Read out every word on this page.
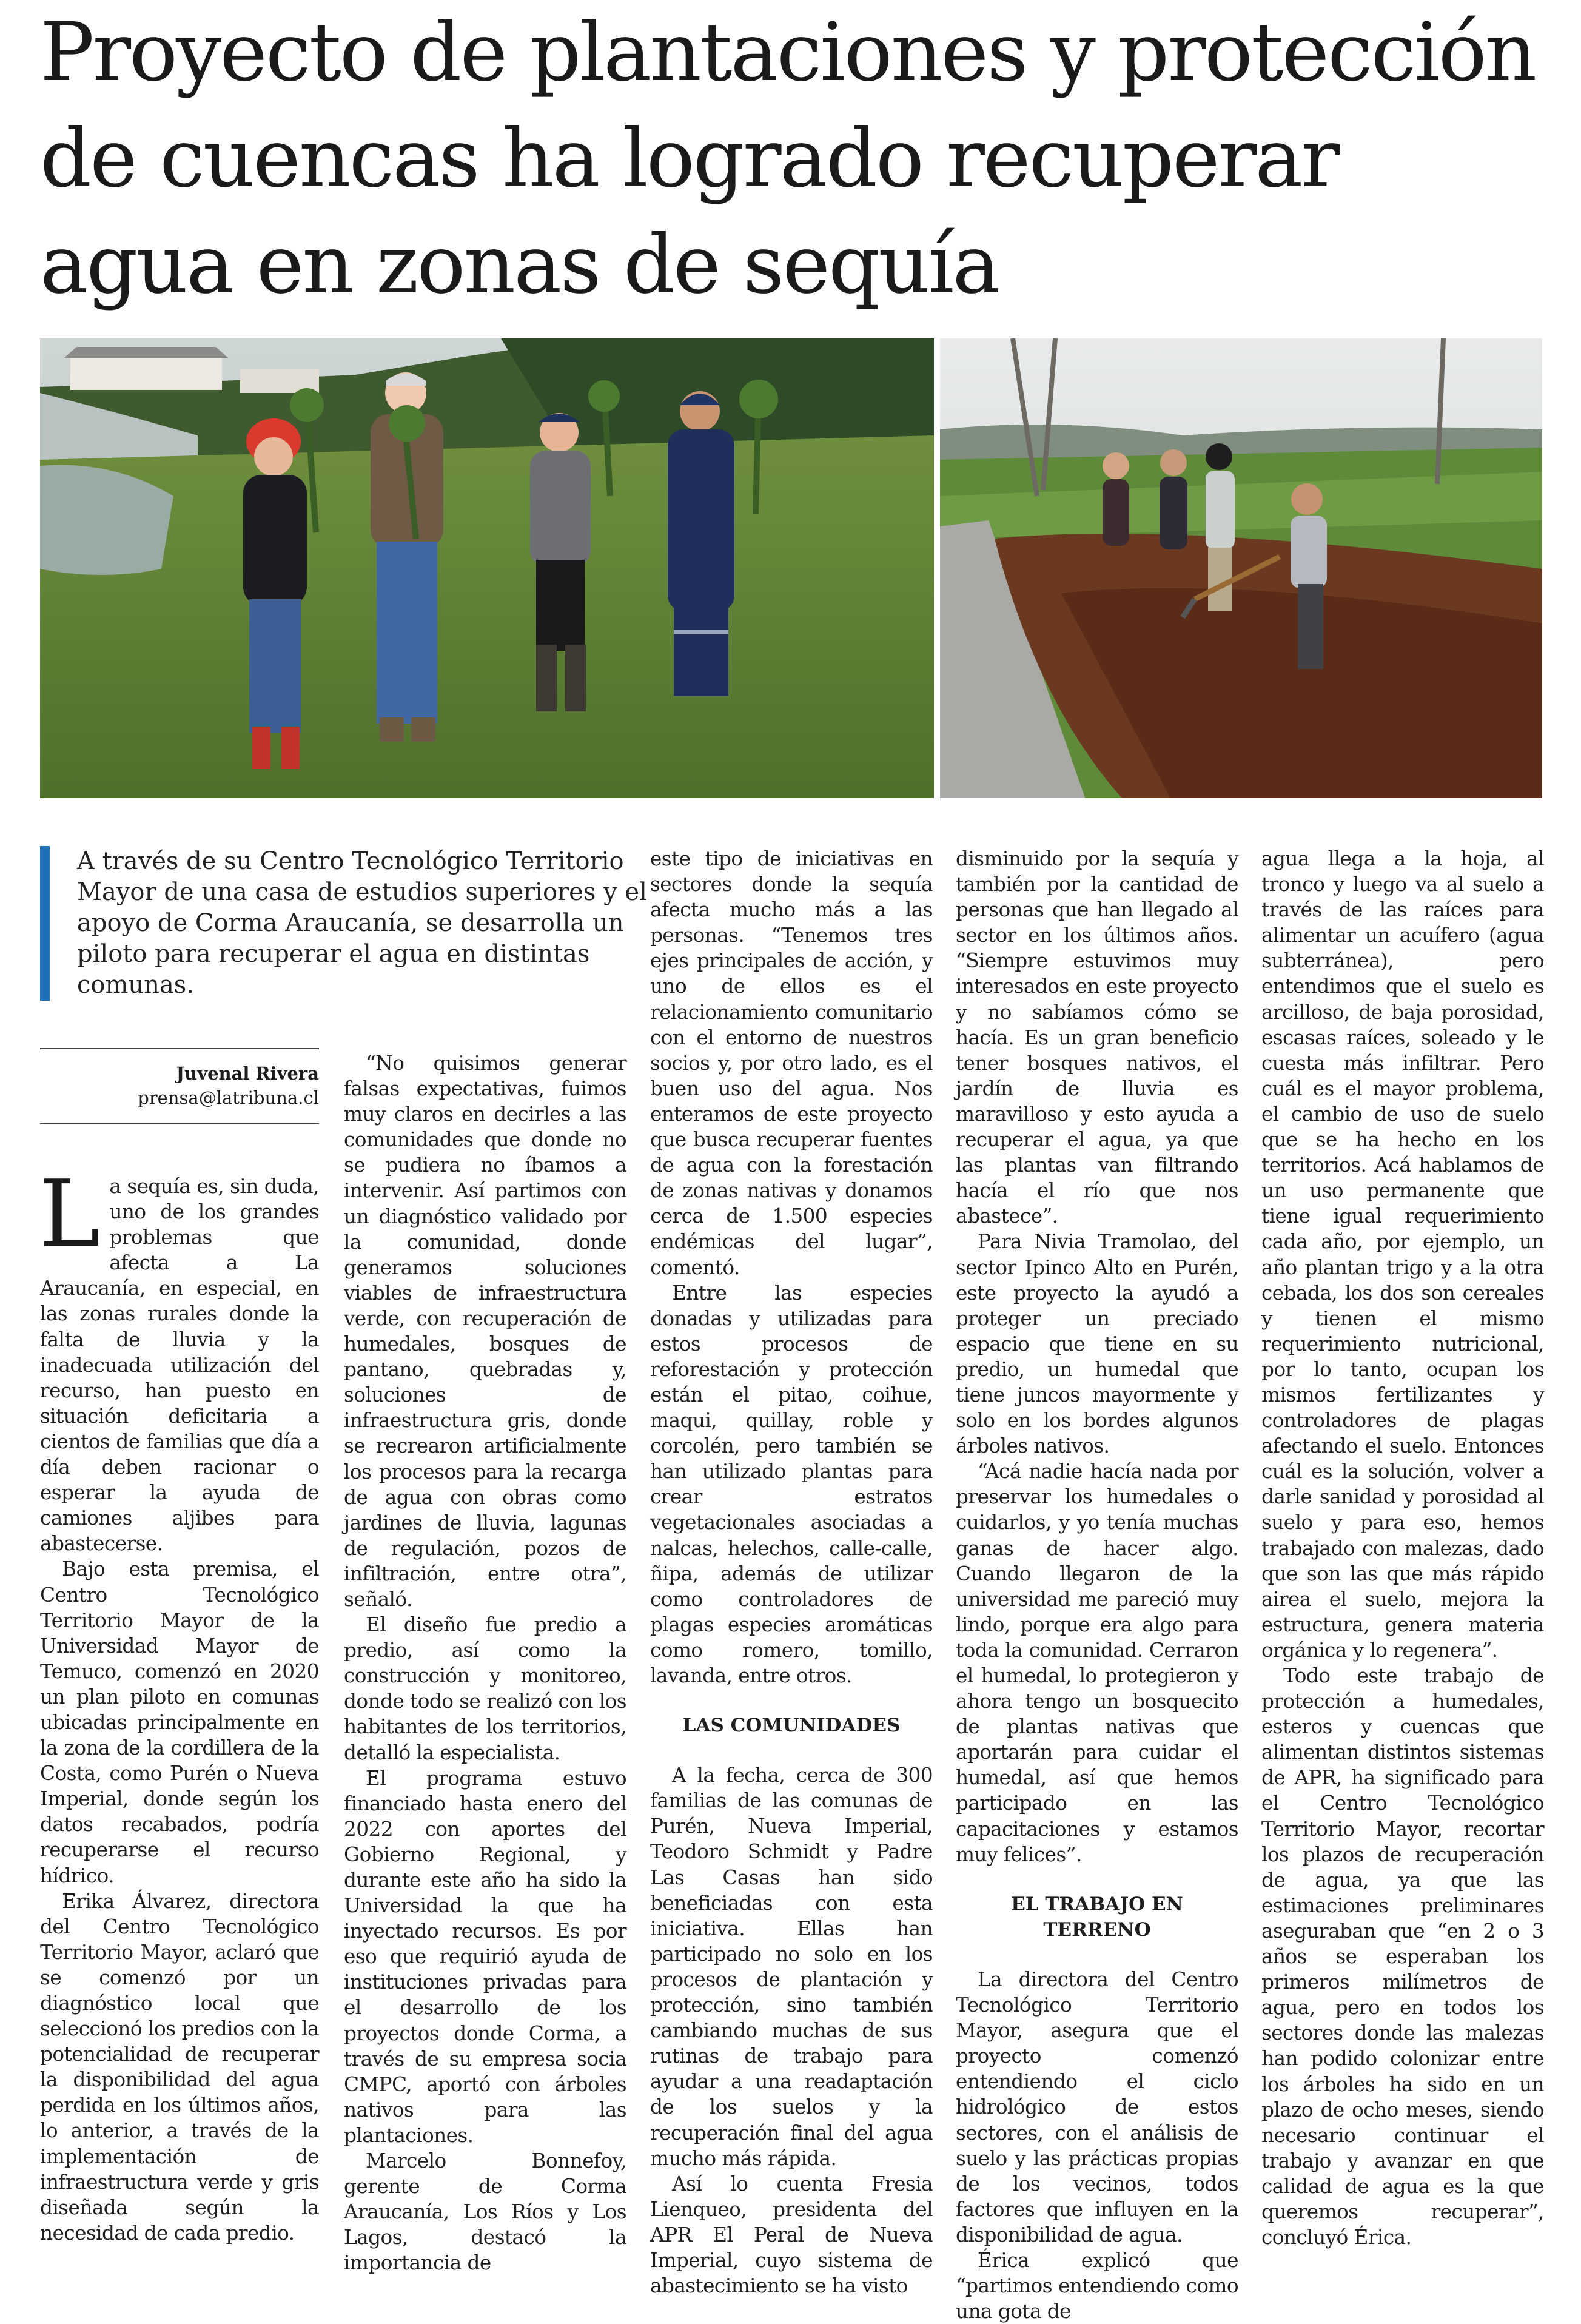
Proyecto de plantaciones y protección de cuencas ha logrado recuperar agua en zonas de sequía
A través de su Centro Tecnológico Territorio Mayor de una casa de estudios superiores y el apoyo de Corma Araucanía, se desarrolla un piloto para recuperar el agua en distintas comunas.
Juvenal Rivera
prensa@latribuna.cl

La sequía es, sin duda, uno de los grandes problemas que afecta a La Araucanía, en especial, en las zonas rurales donde la falta de lluvia y la inadecuada utilización del recurso, han puesto en situación deficitaria a cientos de familias que día a día deben racionar o esperar la ayuda de camiones aljibes para abastecerse.

Bajo esta premisa, el Centro Tecnológico Territorio Mayor de la Universidad Mayor de Temuco, comenzó en 2020 un plan piloto en comunas ubicadas principalmente en la zona de la cordillera de la Costa, como Purén o Nueva Imperial, donde según los datos recabados, podría recuperarse el recurso hídrico.

Erika Álvarez, directora del Centro Tecnológico Territorio Mayor, aclaró que se comenzó por un diagnóstico local que seleccionó los predios con la potencialidad de recuperar la disponibilidad del agua perdida en los últimos años, lo anterior, a través de la implementación de infraestructura verde y gris diseñada según la necesidad de cada predio.

“No quisimos generar falsas expectativas, fuimos muy claros en decirles a las comunidades que donde no se pudiera no íbamos a intervenir. Así partimos con un diagnóstico validado por la comunidad, donde generamos soluciones viables de infraestructura verde, con recuperación de humedales, bosques de pantano, quebradas y, soluciones de infraestructura gris, donde se recrearon artificialmente los procesos para la recarga de agua con obras como jardines de lluvia, lagunas de regulación, pozos de infiltración, entre otra”, señaló.

El diseño fue predio a predio, así como la construcción y monitoreo, donde todo se realizó con los habitantes de los territorios, detalló la especialista.

El programa estuvo financiado hasta enero del 2022 con aportes del Gobierno Regional, y durante este año ha sido la Universidad la que ha inyectado recursos. Es por eso que requirió ayuda de instituciones privadas para el desarrollo de los proyectos donde Corma, a través de su empresa socia CMPC, aportó con árboles nativos para las plantaciones.

Marcelo Bonnefoy, gerente de Corma Araucanía, Los Ríos y Los Lagos, destacó la importancia de

este tipo de iniciativas en sectores donde la sequía afecta mucho más a las personas. “Tenemos tres ejes principales de acción, y uno de ellos es el relacionamiento comunitario con el entorno de nuestros socios y, por otro lado, es el buen uso del agua. Nos enteramos de este proyecto que busca recuperar fuentes de agua con la forestación de zonas nativas y donamos cerca de 1.500 especies endémicas del lugar”, comentó.

Entre las especies donadas y utilizadas para estos procesos de reforestación y protección están el pitao, coihue, maqui, quillay, roble y corcolén, pero también se han utilizado plantas para crear estratos vegetacionales asociadas a nalcas, helechos, calle-calle, ñipa, además de utilizar como controladores de plagas especies aromáticas como romero, tomillo, lavanda, entre otros.

LAS COMUNIDADES

A la fecha, cerca de 300 familias de las comunas de Purén, Nueva Imperial, Teodoro Schmidt y Padre Las Casas han sido beneficiadas con esta iniciativa. Ellas han participado no solo en los procesos de plantación y protección, sino también cambiando muchas de sus rutinas de trabajo para ayudar a una readaptación de los suelos y la recuperación final del agua mucho más rápida.

Así lo cuenta Fresia Lienqueo, presidenta del APR El Peral de Nueva Imperial, cuyo sistema de abastecimiento se ha visto

disminuido por la sequía y también por la cantidad de personas que han llegado al sector en los últimos años. “Siempre estuvimos muy interesados en este proyecto y no sabíamos cómo se hacía. Es un gran beneficio tener bosques nativos, el jardín de lluvia es maravilloso y esto ayuda a recuperar el agua, ya que las plantas van filtrando hacía el río que nos abastece”.

Para Nivia Tramolao, del sector Ipinco Alto en Purén, este proyecto la ayudó a proteger un preciado espacio que tiene en su predio, un humedal que tiene juncos mayormente y solo en los bordes algunos árboles nativos.

“Acá nadie hacía nada por preservar los humedales o cuidarlos, y yo tenía muchas ganas de hacer algo. Cuando llegaron de la universidad me pareció muy lindo, porque era algo para toda la comunidad. Cerraron el humedal, lo protegieron y ahora tengo un bosquecito de plantas nativas que aportarán para cuidar el humedal, así que hemos participado en las capacitaciones y estamos muy felices”.

EL TRABAJO EN TERRENO

La directora del Centro Tecnológico Territorio Mayor, asegura que el proyecto comenzó entendiendo el ciclo hidrológico de estos sectores, con el análisis de suelo y las prácticas propias de los vecinos, todos factores que influyen en la disponibilidad de agua.

Érica explicó que “partimos entendiendo como una gota de

agua llega a la hoja, al tronco y luego va al suelo a través de las raíces para alimentar un acuífero (agua subterránea), pero entendimos que el suelo es arcilloso, de baja porosidad, escasas raíces, soleado y le cuesta más infiltrar. Pero cuál es el mayor problema, el cambio de uso de suelo que se ha hecho en los territorios. Acá hablamos de un uso permanente que tiene igual requerimiento cada año, por ejemplo, un año plantan trigo y a la otra cebada, los dos son cereales y tienen el mismo requerimiento nutricional, por lo tanto, ocupan los mismos fertilizantes y controladores de plagas afectando el suelo. Entonces cuál es la solución, volver a darle sanidad y porosidad al suelo y para eso, hemos trabajado con malezas, dado que son las que más rápido airea el suelo, mejora la estructura, genera materia orgánica y lo regenera”.

Todo este trabajo de protección a humedales, esteros y cuencas que alimentan distintos sistemas de APR, ha significado para el Centro Tecnológico Territorio Mayor, recortar los plazos de recuperación de agua, ya que las estimaciones preliminares aseguraban que “en 2 o 3 años se esperaban los primeros milímetros de agua, pero en todos los sectores donde las malezas han podido colonizar entre los árboles ha sido en un plazo de ocho meses, siendo necesario continuar el trabajo y avanzar en que calidad de agua es la que queremos recuperar”, concluyó Érica.
